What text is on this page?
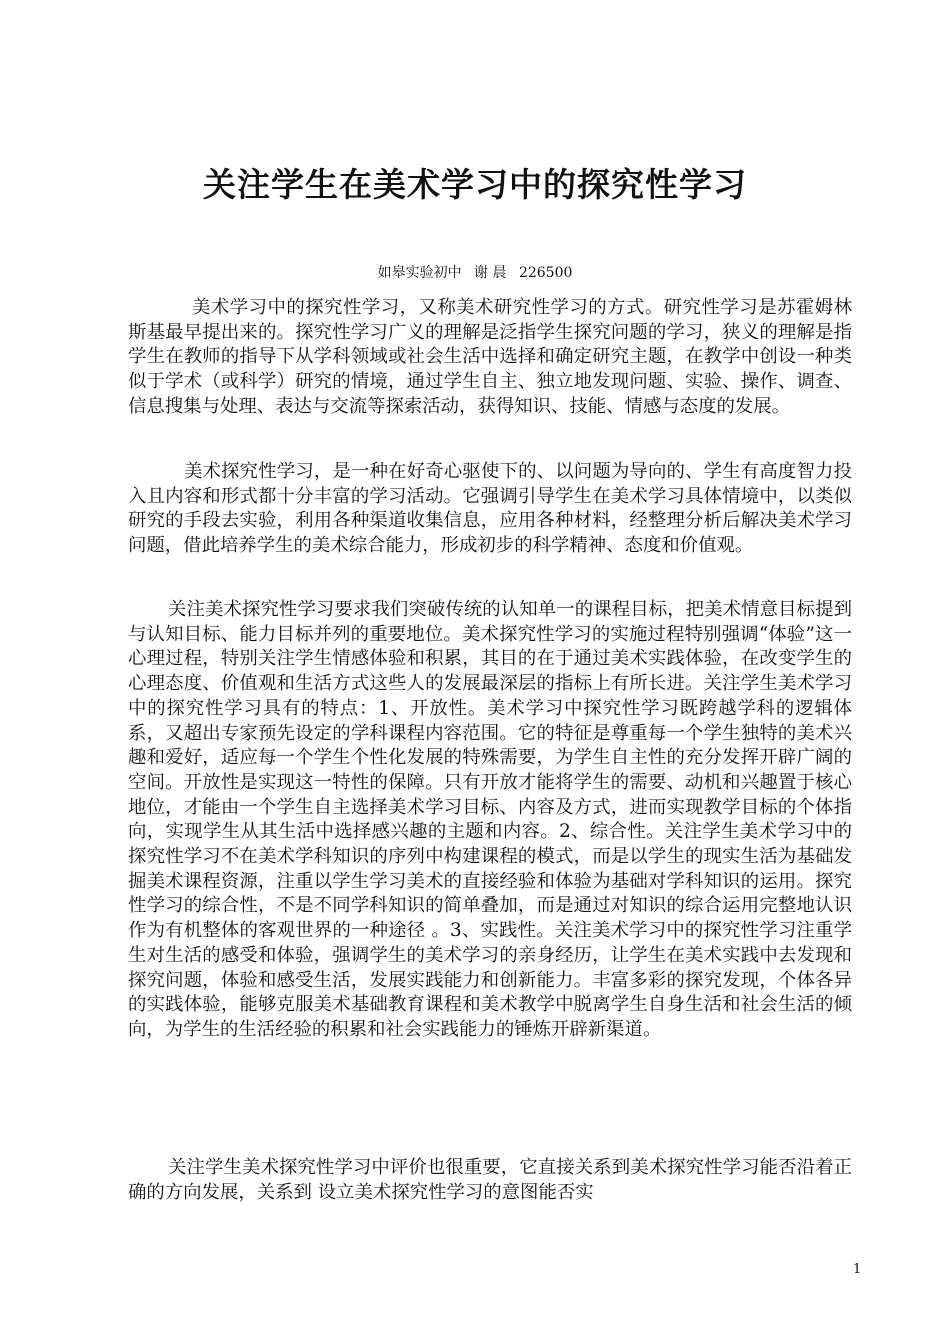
关注学生在美术学习中的探究性学习
如皋实验初中 谢 晨 226500

美术学习中的探究性学习，又称美术研究性学习的方式。研究性学习是苏霍姆林斯基最早提出来的。探究性学习广义的理解是泛指学生探究问题的学习，狭义的理解是指学生在教师的指导下从学科领域或社会生活中选择和确定研究主题，在教学中创设一种类似于学术（或科学）研究的情境，通过学生自主、独立地发现问题、实验、操作、调查、信息搜集与处理、表达与交流等探索活动，获得知识、技能、情感与态度的发展。

美术探究性学习，是一种在好奇心驱使下的、以问题为导向的、学生有高度智力投入且内容和形式都十分丰富的学习活动。它强调引导学生在美术学习具体情境中，以类似研究的手段去实验，利用各种渠道收集信息，应用各种材料，经整理分析后解决美术学习问题，借此培养学生的美术综合能力，形成初步的科学精神、态度和价值观。

关注美术探究性学习要求我们突破传统的认知单一的课程目标，把美术情意目标提到与认知目标、能力目标并列的重要地位。美术探究性学习的实施过程特别强调“体验”这一心理过程，特别关注学生情感体验和积累，其目的在于通过美术实践体验，在改变学生的心理态度、价值观和生活方式这些人的发展最深层的指标上有所长进。关注学生美术学习中的探究性学习具有的特点：1、开放性。美术学习中探究性学习既跨越学科的逻辑体系，又超出专家预先设定的学科课程内容范围。它的特征是尊重每一个学生独特的美术兴趣和爱好，适应每一个学生个性化发展的特殊需要，为学生自主性的充分发挥开辟广阔的空间。开放性是实现这一特性的保障。只有开放才能将学生的需要、动机和兴趣置于核心地位，才能由一个学生自主选择美术学习目标、内容及方式，进而实现教学目标的个体指向，实现学生从其生活中选择感兴趣的主题和内容。2、综合性。关注学生美术学习中的探究性学习不在美术学科知识的序列中构建课程的模式，而是以学生的现实生活为基础发掘美术课程资源，注重以学生学习美术的直接经验和体验为基础对学科知识的运用。探究性学习的综合性，不是不同学科知识的简单叠加，而是通过对知识的综合运用完整地认识作为有机整体的客观世界的一种途径 。3、实践性。关注美术学习中的探究性学习注重学生对生活的感受和体验，强调学生的美术学习的亲身经历，让学生在美术实践中去发现和探究问题，体验和感受生活，发展实践能力和创新能力。丰富多彩的探究发现，个体各异的实践体验，能够克服美术基础教育课程和美术教学中脱离学生自身生活和社会生活的倾向，为学生的生活经验的积累和社会实践能力的锤炼开辟新渠道。

关注学生美术探究性学习中评价也很重要，它直接关系到美术探究性学习能否沿着正确的方向发展，关系到 设立美术探究性学习的意图能否实

1
